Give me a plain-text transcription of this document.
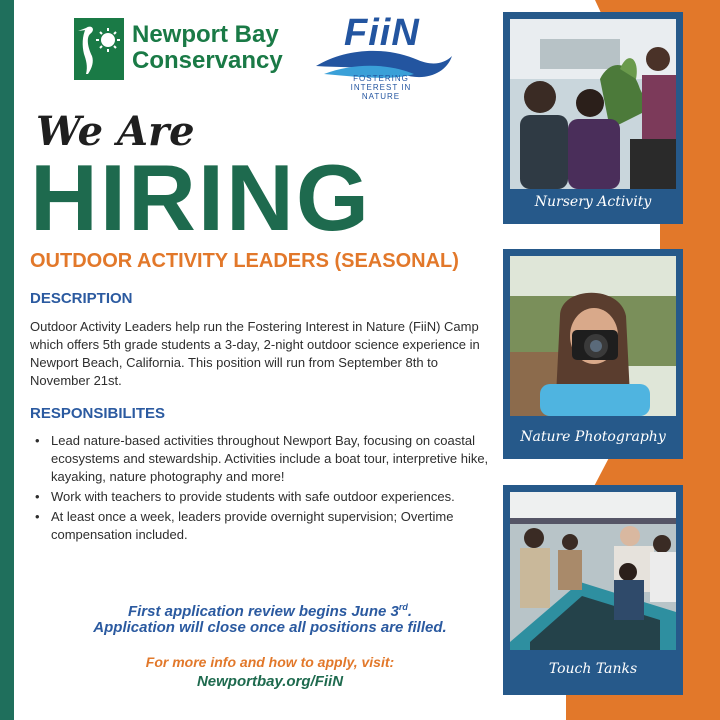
Newport Bay
Conservancy
FiiN
FOSTERING
INTEREST IN
NATURE
We Are
HIRING
OUTDOOR ACTIVITY LEADERS (SEASONAL)
DESCRIPTION
Outdoor Activity Leaders help run the Fostering Interest in Nature (FiiN) Camp which offers 5th grade students a 3-day, 2-night outdoor science experience in Newport Beach, California. This position will run from September 8th to November 21st.
RESPONSIBILITES
• Lead nature-based activities throughout Newport Bay, focusing on coastal ecosystems and stewardship. Activities include a boat tour, interpretive hike, kayaking, nature photography and more!
• Work with teachers to provide students with safe outdoor experiences.
• At least once a week, leaders provide overnight supervision; Overtime compensation included.
First application review begins June 3rd.
Application will close once all positions are filled.
For more info and how to apply, visit:
Newportbay.org/FiiN
Nursery Activity
Nature Photography
Touch Tanks
